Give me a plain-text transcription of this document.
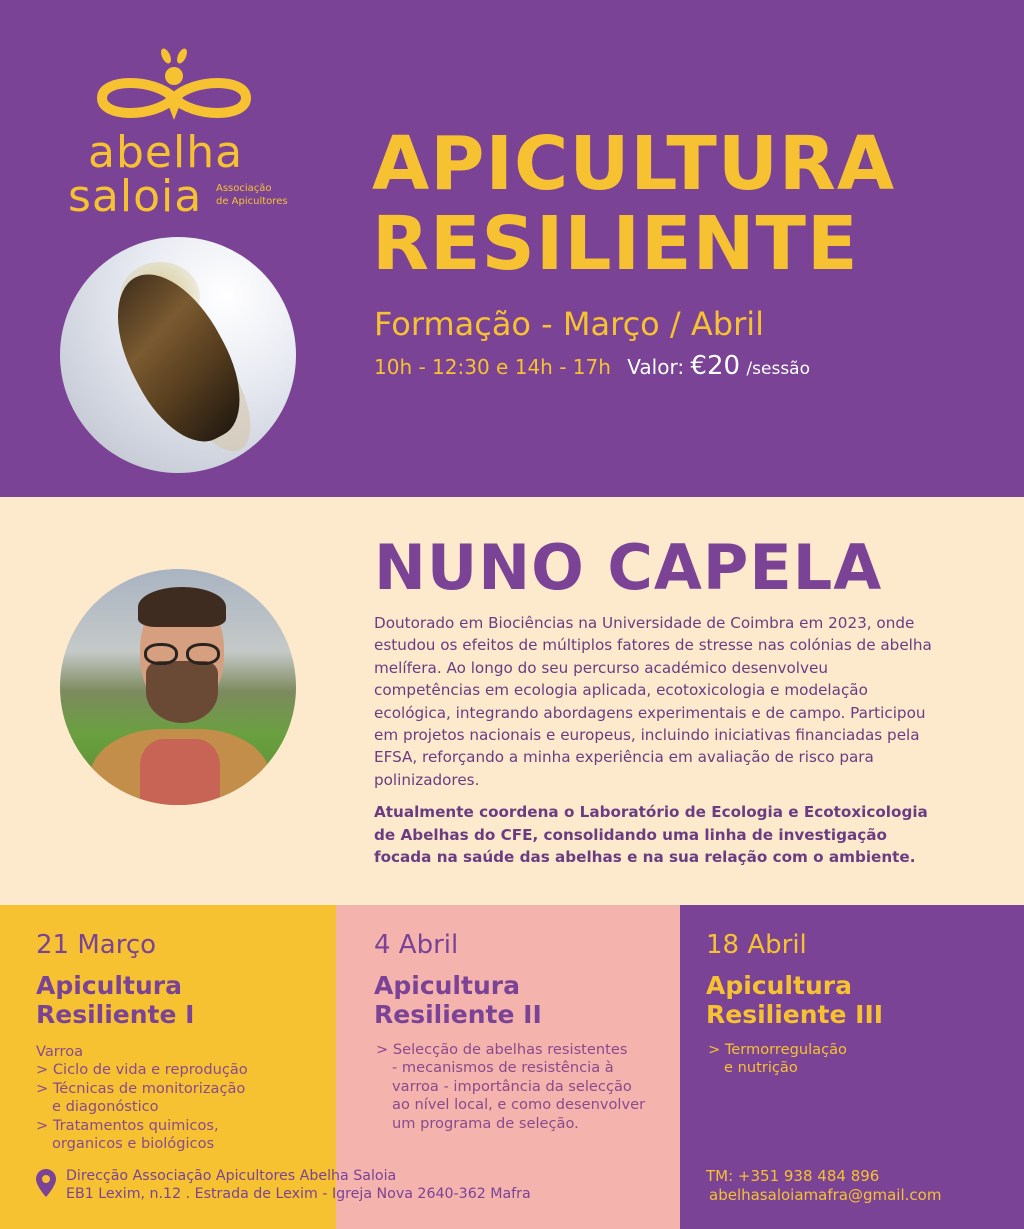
abelha
saloia Associação
de Apicultores APICULTURA
RESILIENTE
Formação - Março / Abril
10h - 12:30 e 14h - 17h Valor: €20 /sessão
NUNO CAPELA

Doutorado em Biociências na Universidade de Coimbra em 2023, onde estudou os efeitos de múltiplos fatores de stresse nas colónias de abelha melífera. Ao longo do seu percurso académico desenvolveu competências em ecologia aplicada, ecotoxicologia e modelação ecológica, integrando abordagens experimentais e de campo. Participou em projetos nacionais e europeus, incluindo iniciativas financiadas pela EFSA, reforçando a minha experiência em avaliação de risco para polinizadores.

Atualmente coordena o Laboratório de Ecologia e Ecotoxicologia de Abelhas do CFE, consolidando uma linha de investigação focada na saúde das abelhas e na sua relação com o ambiente.

21 Março
Apicultura
Resiliente I
Varroa
> Ciclo de vida e reprodução
> Técnicas de monitorização
e diagonóstico
> Tratamentos quimicos,
organicos e biológicos
4 Abril
Apicultura
Resiliente II
> Selecção de abelhas resistentes
- mecanismos de resistência à
varroa - importância da selecção
ao nível local, e como desenvolver
um programa de seleção.
18 Abril
Apicultura
Resiliente III
> Termorregulação
e nutrição
Direcção Associação Apicultores Abelha Saloia
EB1 Lexim, n.12 . Estrada de Lexim - Igreja Nova 2640-362 Mafra
TM: +351 938 484 896
abelhasaloiamafra@gmail.com
